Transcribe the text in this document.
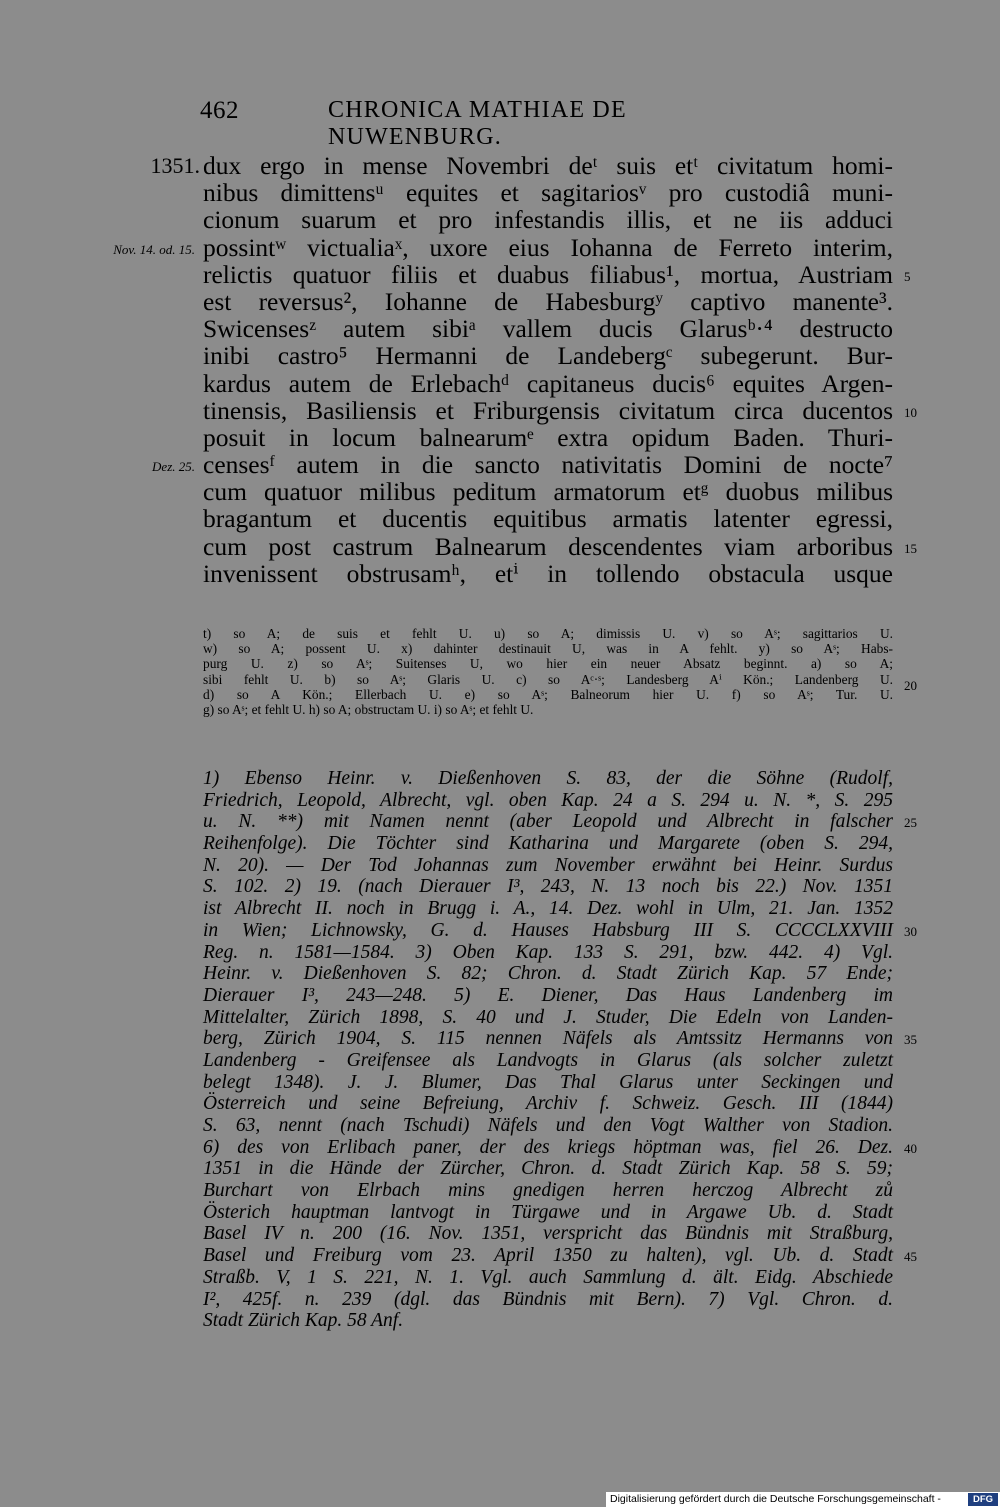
462	CHRONICA MATHIAE DE NUWENBURG.
1351. dux ergo in mense Novembri deᵗ suis etᵗ civitatum homi-
nibus dimittensᵘ equites et sagitariosᵛ pro custodiâ muni-
cionum suarum et pro infestandis illis, et ne iis adduci
possintʷ victualiaˣ, uxore eius Iohanna de Ferreto interim,
relictis quatuor filiis et duabus filiabus¹, mortua, Austriam
est reversus², Iohanne de Habesburgʸ captivo manente³.
Swicensesᶻ autem sibiᵃ vallem ducis Glarusᵇ·⁴ destructo
inibi castro⁵ Hermanni de Landebergᶜ subegerunt. Bur-
kardus autem de Erlebachᵈ capitaneus ducis⁶ equites Argen-
tinensis, Basiliensis et Friburgensis civitatum circa ducentos
posuit in locum balnearumᵉ extra opidum Baden. Thuri-
censesᶠ autem in die sancto nativitatis Domini de nocte⁷
cum quatuor milibus peditum armatorum etᵍ duobus milibus
bragantum et ducentis equitibus armatis latenter egressi,
cum post castrum Balnearum descendentes viam arboribus
invenissent obstrusamʰ, etⁱ in tollendo obstacula usque
Nov. 14. od. 15.
Dez. 25.
5
10
15
t) so A; de suis et fehlt U. u) so A; dimissis U. v) so Aˢ; sagittarios U.
w) so A; possent U. x) dahinter destinauit U, was in A fehlt. y) so Aˢ; Habs-
purg U. z) so Aˢ; Suitenses U, wo hier ein neuer Absatz beginnt. a) so A;
sibi fehlt U. b) so Aˢ; Glaris U. c) so Aᶜ·ˢ; Landesberg Aⁱ Kön.; Landenberg U.
d) so A Kön.; Ellerbach U. e) so Aˢ; Balneorum hier U. f) so Aˢ; Tur. U.
g) so Aˢ; et fehlt U. h) so A; obstructam U. i) so Aˢ; et fehlt U.
20
1) Ebenso Heinr. v. Dießenhoven S. 83, der die Söhne (Rudolf,
Friedrich, Leopold, Albrecht, vgl. oben Kap. 24 a S. 294 u. N. *, S. 295
u. N. **) mit Namen nennt (aber Leopold und Albrecht in falscher
Reihenfolge). Die Töchter sind Katharina und Margarete (oben S. 294,
N. 20). — Der Tod Johannas zum November erwähnt bei Heinr. Surdus
S. 102. 2) 19. (nach Dierauer I³, 243, N. 13 noch bis 22.) Nov. 1351
ist Albrecht II. noch in Brugg i. A., 14. Dez. wohl in Ulm, 21. Jan. 1352
in Wien; Lichnowsky, G. d. Hauses Habsburg III S. CCCCLXXVIII
Reg. n. 1581—1584. 3) Oben Kap. 133 S. 291, bzw. 442. 4) Vgl.
Heinr. v. Dießenhoven S. 82; Chron. d. Stadt Zürich Kap. 57 Ende;
Dierauer I³, 243—248. 5) E. Diener, Das Haus Landenberg im
Mittelalter, Zürich 1898, S. 40 und J. Studer, Die Edeln von Landen-
berg, Zürich 1904, S. 115 nennen Näfels als Amtssitz Hermanns von
Landenberg - Greifensee als Landvogts in Glarus (als solcher zuletzt
belegt 1348). J. J. Blumer, Das Thal Glarus unter Seckingen und
Österreich und seine Befreiung, Archiv f. Schweiz. Gesch. III (1844)
S. 63, nennt (nach Tschudi) Näfels und den Vogt Walther von Stadion.
6) des von Erlibach paner, der des kriegs höptman was, fiel 26. Dez.
1351 in die Hände der Zürcher, Chron. d. Stadt Zürich Kap. 58 S. 59;
Burchart von Elrbach mins gnedigen herren herczog Albrecht zů
Österich hauptman lantvogt in Türgawe und in Argawe Ub. d. Stadt
Basel IV n. 200 (16. Nov. 1351, verspricht das Bündnis mit Straßburg,
Basel und Freiburg vom 23. April 1350 zu halten), vgl. Ub. d. Stadt
Straßb. V, 1 S. 221, N. 1. Vgl. auch Sammlung d. ält. Eidg. Abschiede
I², 425f. n. 239 (dgl. das Bündnis mit Bern). 7) Vgl. Chron. d.
Stadt Zürich Kap. 58 Anf.
25
30
35
40
45
Digitalisierung gefördert durch die Deutsche Forschungsgemeinschaft -	DFG
